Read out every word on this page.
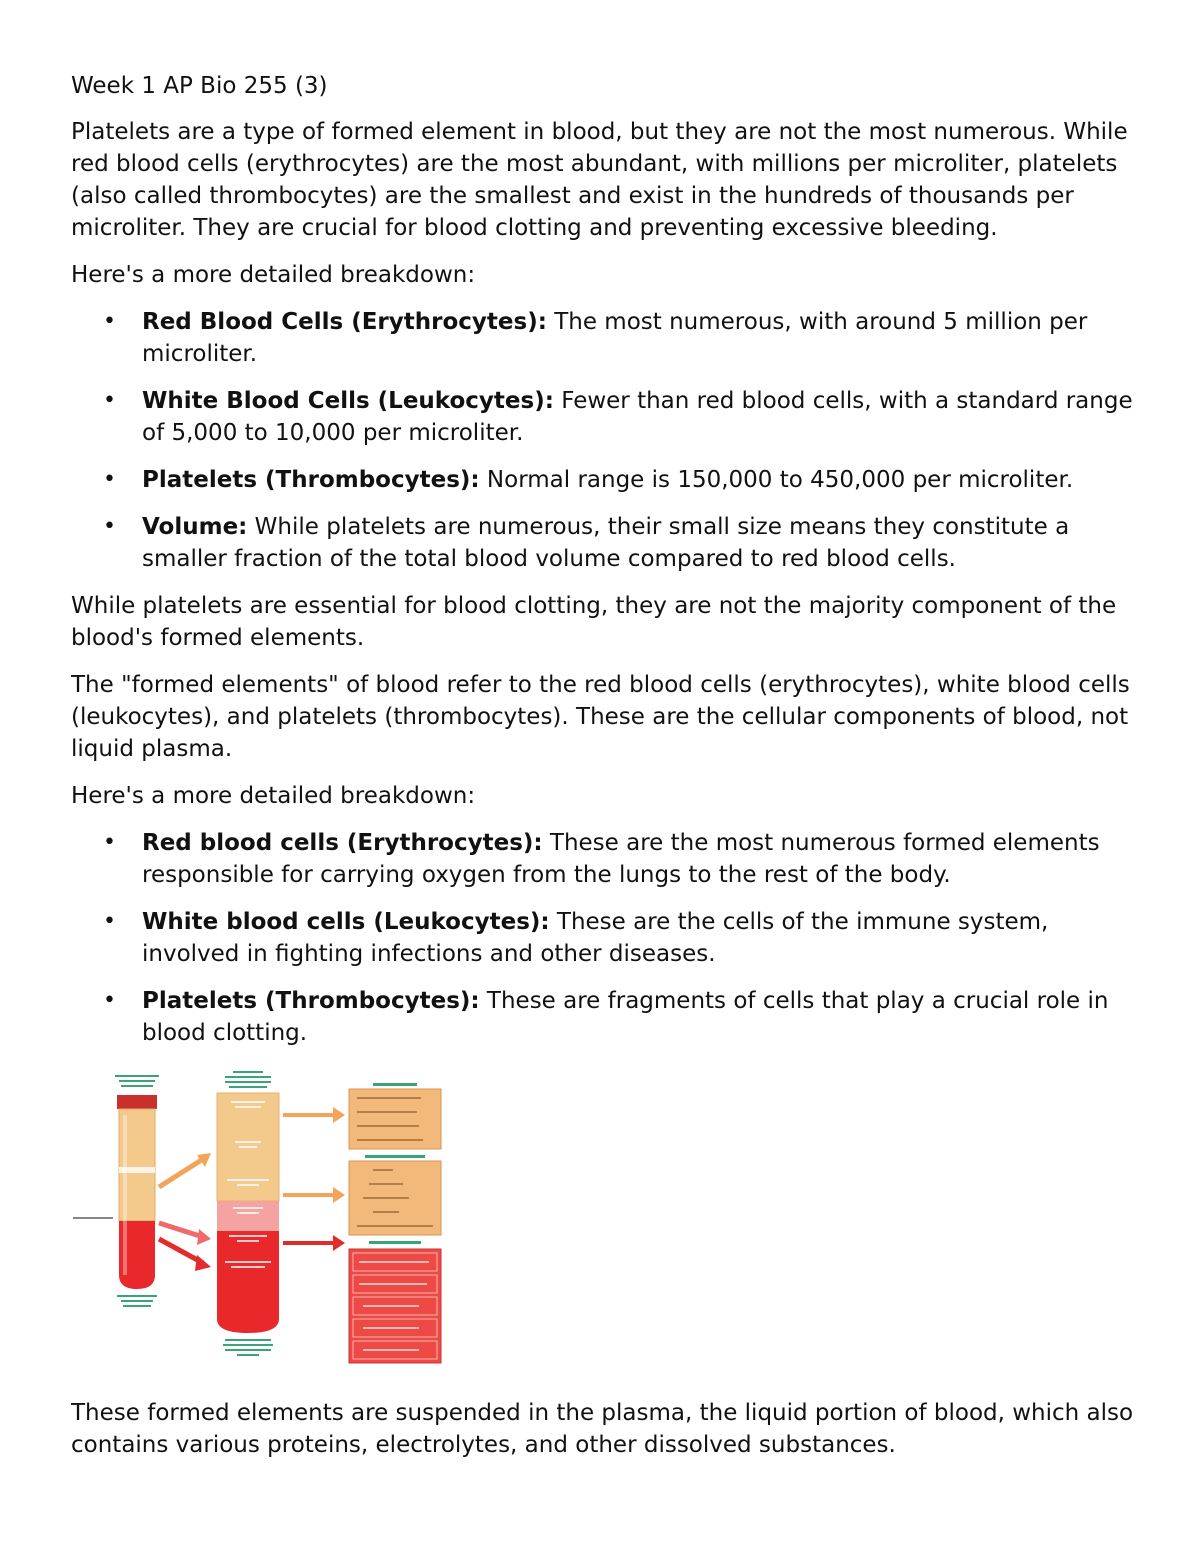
Week 1 AP Bio 255 (3)

Platelets are a type of formed element in blood, but they are not the most numerous. While red blood cells (erythrocytes) are the most abundant, with millions per microliter, platelets (also called thrombocytes) are the smallest and exist in the hundreds of thousands per microliter. They are crucial for blood clotting and preventing excessive bleeding.

Here's a more detailed breakdown:

• Red Blood Cells (Erythrocytes): The most numerous, with around 5 million per microliter.
• White Blood Cells (Leukocytes): Fewer than red blood cells, with a standard range of 5,000 to 10,000 per microliter.
• Platelets (Thrombocytes): Normal range is 150,000 to 450,000 per microliter.
• Volume: While platelets are numerous, their small size means they constitute a smaller fraction of the total blood volume compared to red blood cells.

While platelets are essential for blood clotting, they are not the majority component of the blood's formed elements.

The "formed elements" of blood refer to the red blood cells (erythrocytes), white blood cells (leukocytes), and platelets (thrombocytes). These are the cellular components of blood, not liquid plasma.

Here's a more detailed breakdown:

• Red blood cells (Erythrocytes): These are the most numerous formed elements responsible for carrying oxygen from the lungs to the rest of the body.
• White blood cells (Leukocytes): These are the cells of the immune system, involved in fighting infections and other diseases.
• Platelets (Thrombocytes): These are fragments of cells that play a crucial role in blood clotting.

These formed elements are suspended in the plasma, the liquid portion of blood, which also contains various proteins, electrolytes, and other dissolved substances.
